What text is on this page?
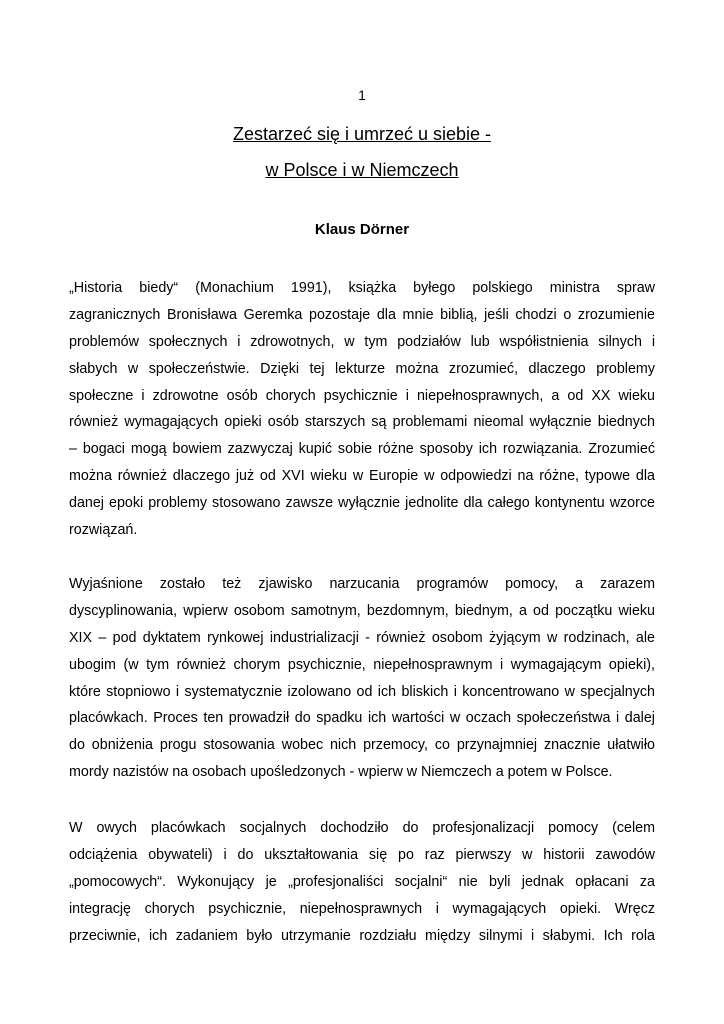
1
Zestarzeć się i umrzeć u siebie -
w Polsce i w Niemczech
Klaus Dörner
„Historia biedy“ (Monachium 1991), książka byłego polskiego ministra spraw
zagranicznych Bronisława Geremka pozostaje dla mnie biblią, jeśli chodzi o zrozumienie
problemów społecznych i zdrowotnych, w tym podziałów lub współistnienia silnych i
słabych w społeczeństwie. Dzięki tej lekturze można zrozumieć, dlaczego problemy
społeczne i zdrowotne osób chorych psychicznie i niepełnosprawnych, a od XX wieku
również wymagających opieki osób starszych są problemami nieomal wyłącznie biednych
– bogaci mogą bowiem zazwyczaj kupić sobie różne sposoby ich rozwiązania. Zrozumieć
można również dlaczego już od XVI wieku w Europie w odpowiedzi na różne, typowe dla
danej epoki problemy stosowano zawsze wyłącznie jednolite dla całego kontynentu wzorce
rozwiązań.
Wyjaśnione zostało też zjawisko narzucania programów pomocy, a zarazem
dyscyplinowania, wpierw osobom samotnym, bezdomnym, biednym, a od początku wieku
XIX – pod dyktatem rynkowej industrializacji - również osobom żyjącym w rodzinach, ale
ubogim (w tym również chorym psychicznie, niepełnosprawnym i wymagającym opieki),
które stopniowo i systematycznie izolowano od ich bliskich i koncentrowano w specjalnych
placówkach. Proces ten prowadził do spadku ich wartości w oczach społeczeństwa i dalej
do obniżenia progu stosowania wobec nich przemocy, co przynajmniej znacznie ułatwiło
mordy nazistów na osobach upośledzonych - wpierw w Niemczech a potem w Polsce.
W owych placówkach socjalnych dochodziło do profesjonalizacji pomocy (celem
odciążenia obywateli) i do ukształtowania się po raz pierwszy w historii zawodów
„pomocowych“. Wykonujący je „profesjonaliści socjalni“ nie byli jednak opłacani za
integrację chorych psychicznie, niepełnosprawnych i wymagających opieki. Wręcz
przeciwnie, ich zadaniem było utrzymanie rozdziału między silnymi i słabymi. Ich rola
